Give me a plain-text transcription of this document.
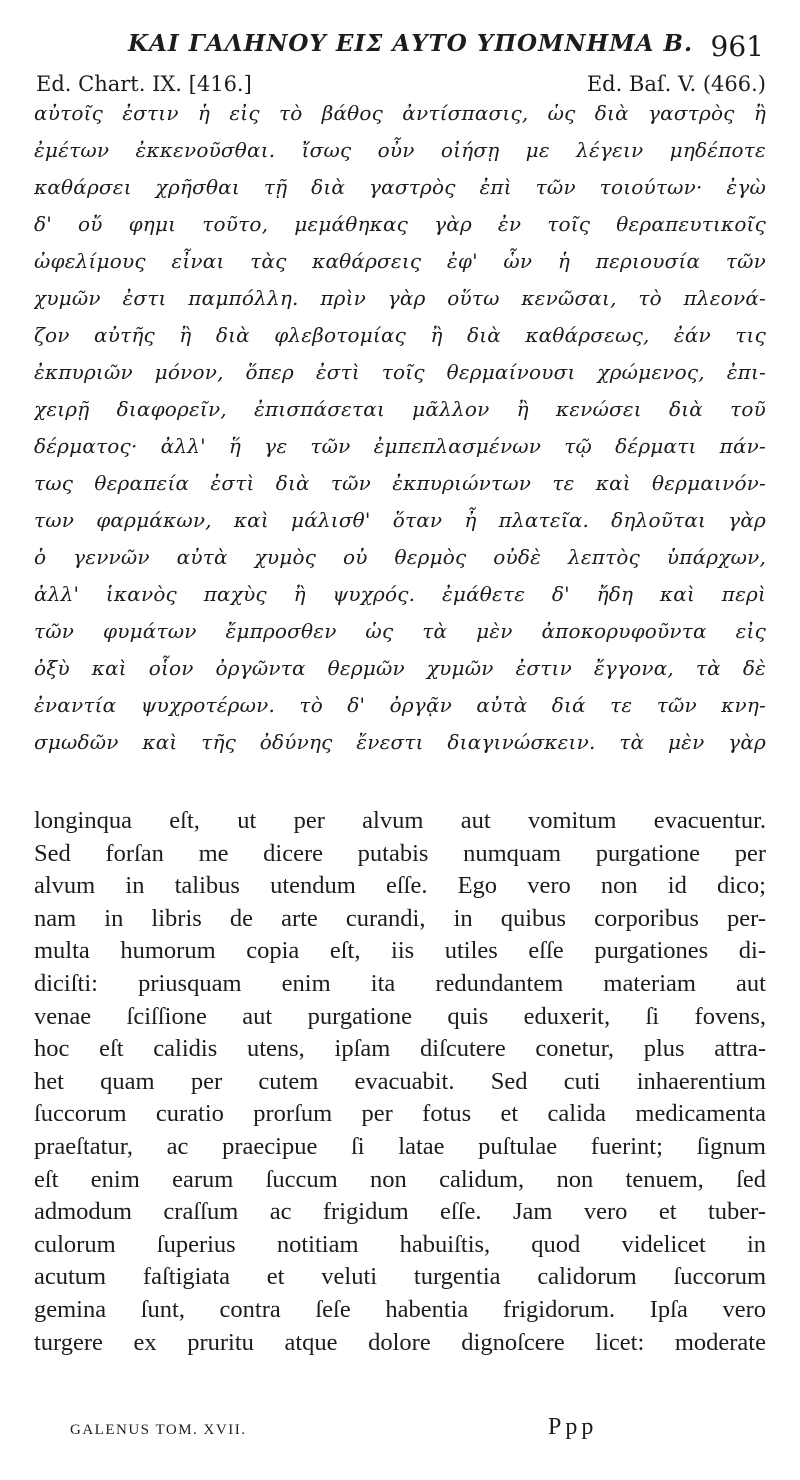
ΚΑΙ ΓΑΛΗΝΟΥ ΕΙΣ ΑΥΤΟ ΥΠΟΜΝΗΜΑ Β. 961
Ed. Chart. IX. [416.]	Ed. Baſ. V. (466.)
αὐτοῖς ἐστιν ἡ εἰς τὸ βάθος ἀντίσπασις, ὡς διὰ γαστρὸς ἢ
ἐμέτων ἐκκενοῦσθαι. ἴσως οὖν οἰήσῃ με λέγειν μηδέποτε
καθάρσει χρῆσθαι τῇ διὰ γαστρὸς ἐπὶ τῶν τοιούτων· ἐγὼ
δ' οὔ φημι τοῦτο, μεμάθηκας γὰρ ἐν τοῖς θεραπευτικοῖς
ὠφελίμους εἶναι τὰς καθάρσεις ἐφ' ὧν ἡ περιουσία τῶν
χυμῶν ἐστι παμπόλλη. πρὶν γὰρ οὕτω κενῶσαι, τὸ πλεονά-
ζον αὐτῆς ἢ διὰ φλεβοτομίας ἢ διὰ καθάρσεως, ἐάν τις
ἐκπυριῶν μόνον, ὅπερ ἐστὶ τοῖς θερμαίνουσι χρώμενος, ἐπι-
χειρῇ διαφορεῖν, ἐπισπάσεται μᾶλλον ἢ κενώσει διὰ τοῦ
δέρματος· ἀλλ' ἥ γε τῶν ἐμπεπλασμένων τῷ δέρματι πάν-
τως θεραπεία ἐστὶ διὰ τῶν ἐκπυριώντων τε καὶ θερμαινόν-
των φαρμάκων, καὶ μάλισθ' ὅταν ἦ πλατεῖα. δηλοῦται γὰρ
ὁ γεννῶν αὐτὰ χυμὸς οὐ θερμὸς οὐδὲ λεπτὸς ὑπάρχων,
ἀλλ' ἱκανὸς παχὺς ἢ ψυχρός. ἐμάθετε δ' ἤδη καὶ περὶ
τῶν φυμάτων ἔμπροσθεν ὡς τὰ μὲν ἀποκορυφοῦντα εἰς
ὀξὺ καὶ οἷον ὀργῶντα θερμῶν χυμῶν ἐστιν ἔγγονα, τὰ δὲ
ἐναντία ψυχροτέρων. τὸ δ' ὀργᾷν αὐτὰ διά τε τῶν κνη-
σμωδῶν καὶ τῆς ὀδύνης ἔνεστι διαγινώσκειν. τὰ μὲν γὰρ
longinqua eſt, ut per alvum aut vomitum evacuentur.
Sed forſan me dicere putabis numquam purgatione per
alvum in talibus utendum eſſe. Ego vero non id dico;
nam in libris de arte curandi, in quibus corporibus per-
multa humorum copia eſt, iis utiles eſſe purgationes di-
diciſti: priusquam enim ita redundantem materiam aut
venae ſciſſione aut purgatione quis eduxerit, ſi fovens,
hoc eſt calidis utens, ipſam diſcutere conetur, plus attra-
het quam per cutem evacuabit. Sed cuti inhaerentium
ſuccorum curatio prorſum per fotus et calida medicamenta
praeſtatur, ac praecipue ſi latae puſtulae fuerint; ſignum
eſt enim earum ſuccum non calidum, non tenuem, ſed
admodum craſſum ac frigidum eſſe. Jam vero et tuber-
culorum ſuperius notitiam habuiſtis, quod videlicet in
acutum faſtigiata et veluti turgentia calidorum ſuccorum
gemina ſunt, contra ſeſe habentia frigidorum. Ipſa vero
turgere ex pruritu atque dolore dignoſcere licet: moderate
GALENUS TOM. XVII.	Ppp
